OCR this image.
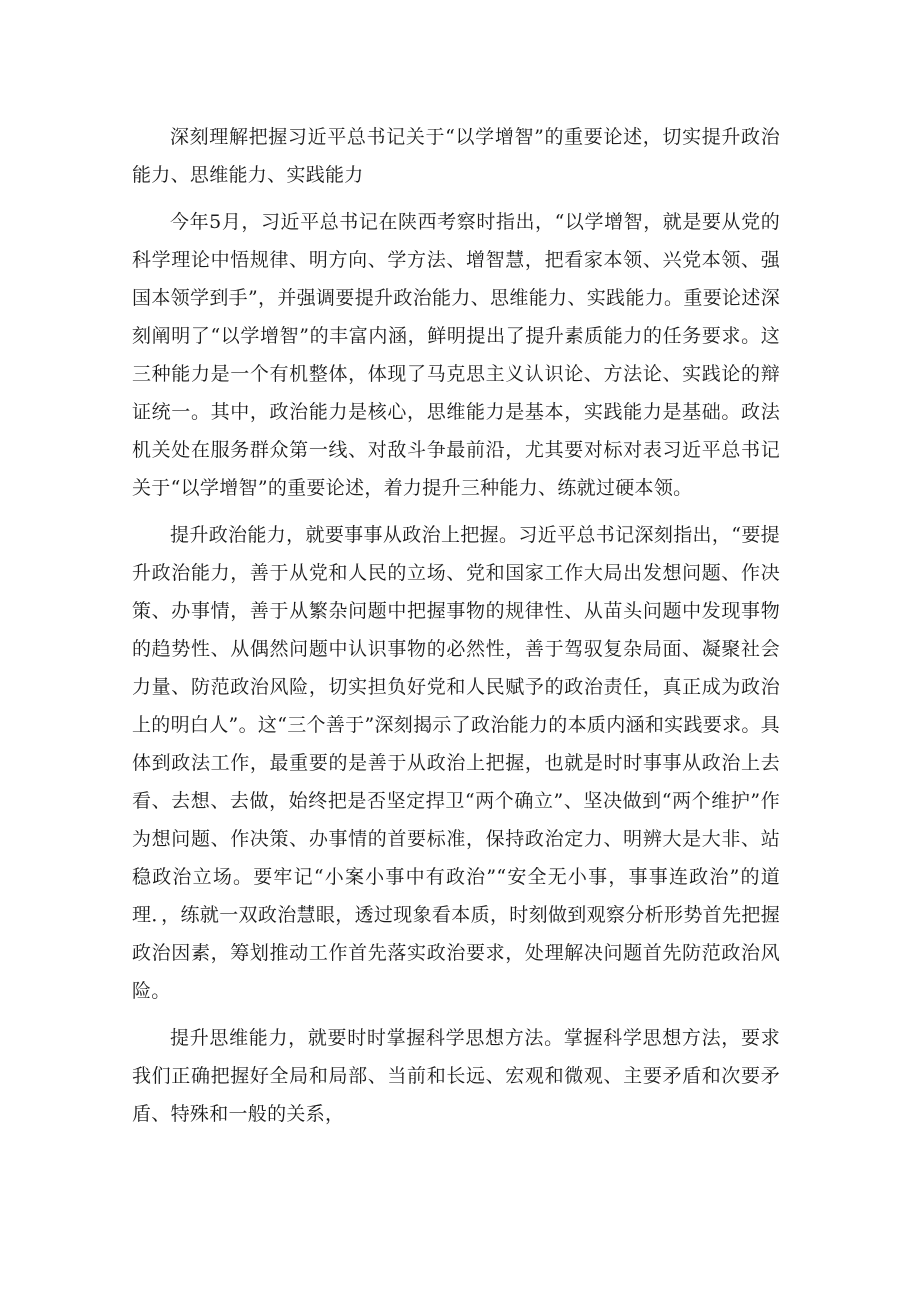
深刻理解把握习近平总书记关于“以学增智”的重要论述，切实提升政治能力、思维能力、实践能力

今年5月，习近平总书记在陕西考察时指出，“以学增智，就是要从党的科学理论中悟规律、明方向、学方法、增智慧，把看家本领、兴党本领、强国本领学到手”，并强调要提升政治能力、思维能力、实践能力。重要论述深刻阐明了“以学增智”的丰富内涵，鲜明提出了提升素质能力的任务要求。这三种能力是一个有机整体，体现了马克思主义认识论、方法论、实践论的辩证统一。其中，政治能力是核心，思维能力是基本，实践能力是基础。政法机关处在服务群众第一线、对敌斗争最前沿，尤其要对标对表习近平总书记关于“以学增智”的重要论述，着力提升三种能力、练就过硬本领。

提升政治能力，就要事事从政治上把握。习近平总书记深刻指出，“要提升政治能力，善于从党和人民的立场、党和国家工作大局出发想问题、作决策、办事情，善于从繁杂问题中把握事物的规律性、从苗头问题中发现事物的趋势性、从偶然问题中认识事物的必然性，善于驾驭复杂局面、凝聚社会力量、防范政治风险，切实担负好党和人民赋予的政治责任，真正成为政治上的明白人”。这“三个善于”深刻揭示了政治能力的本质内涵和实践要求。具体到政法工作，最重要的是善于从政治上把握，也就是时时事事从政治上去看、去想、去做，始终把是否坚定捍卫“两个确立”、坚决做到“两个维护”作为想问题、作决策、办事情的首要标准，保持政治定力、明辨大是大非、站稳政治立场。要牢记“小案小事中有政治”“安全无小事，事事连政治”的道理．，练就一双政治慧眼，透过现象看本质，时刻做到观察分析形势首先把握政治因素，筹划推动工作首先落实政治要求，处理解决问题首先防范政治风险。

提升思维能力，就要时时掌握科学思想方法。掌握科学思想方法，要求我们正确把握好全局和局部、当前和长远、宏观和微观、主要矛盾和次要矛盾、特殊和一般的关系，
